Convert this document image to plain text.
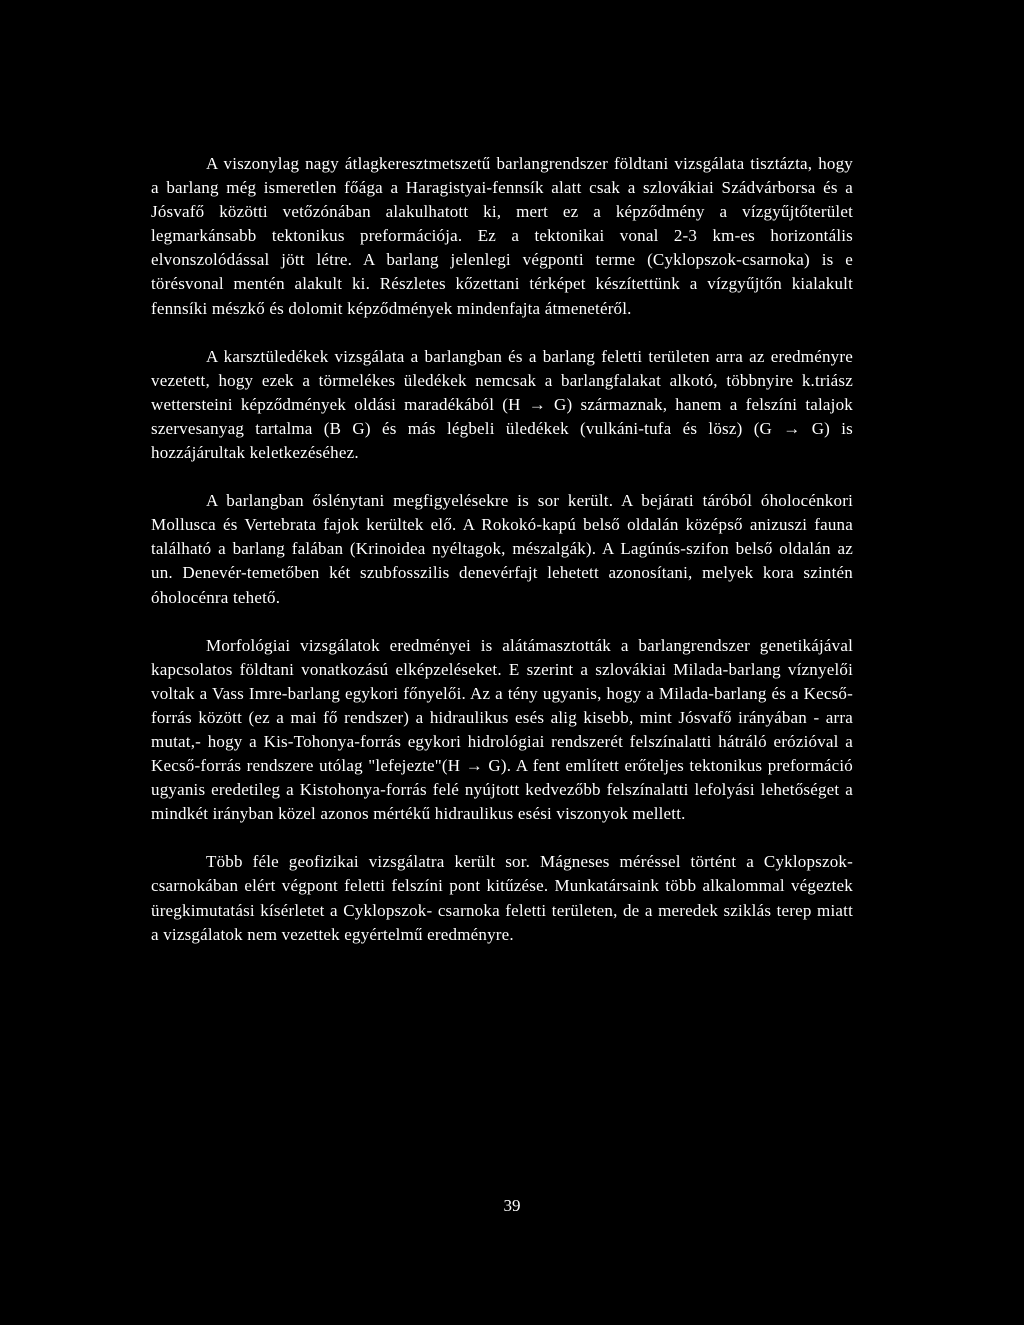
A viszonylag nagy átlagkeresztmetszetű barlangrendszer földtani vizsgálata tisztázta, hogy a barlang még ismeretlen főága a Haragistyai-fennsík alatt csak a szlovákiai Szádvárborsa és a Jósvafő közötti vetőzónában alakulhatott ki, mert ez a képződmény a vízgyűjtőterület legmarkánsabb tektonikus preformációja. Ez a tektonikai vonal 2-3 km-es horizontális elvonszolódással jött létre. A barlang jelenlegi végponti terme (Cyklopszok-csarnoka) is e törésvonal mentén alakult ki. Részletes kőzettani térképet készítettünk a vízgyűjtőn kialakult fennsíki mészkő és dolomit képződmények mindenfajta átmenetéről.

A karsztüledékek vizsgálata a barlangban és a barlang feletti területen arra az eredményre vezetett, hogy ezek a törmelékes üledékek nemcsak a barlangfalakat alkotó, többnyire k.triász wettersteini képződmények oldási maradékából (H → G) származnak, hanem a felszíni talajok szervesanyag tartalma (B G) és más légbeli üledékek (vulkáni-tufa és lösz) (G → G) is hozzájárultak keletkezéséhez.

A barlangban őslénytani megfigyelésekre is sor került. A bejárati táróból óholocénkori Mollusca és Vertebrata fajok kerültek elő. A Rokokó-kapú belső oldalán középső anizuszi fauna található a barlang falában (Krinoidea nyéltagok, mészalgák). A Lagúnús-szifon belső oldalán az un. Denevér-temetőben két szubfosszilis denevérfajt lehetett azonosítani, melyek kora szintén óholocénra tehető.

Morfológiai vizsgálatok eredményei is alátámasztották a barlangrendszer genetikájával kapcsolatos földtani vonatkozású elképzeléseket. E szerint a szlovákiai Milada-barlang víznyelői voltak a Vass Imre-barlang egykori főnyelői. Az a tény ugyanis, hogy a Milada-barlang és a Kecső-forrás között (ez a mai fő rendszer) a hidraulikus esés alig kisebb, mint Jósvafő irányában - arra mutat,- hogy a Kis-Tohonya-forrás egykori hidrológiai rendszerét felszínalatti hátráló erózióval a Kecső-forrás rendszere utólag "lefejezte"(H → G). A fent említett erőteljes tektonikus preformáció ugyanis eredetileg a Kistohonya-forrás felé nyújtott kedvezőbb felszínalatti lefolyási lehetőséget a mindkét irányban közel azonos mértékű hidraulikus esési viszonyok mellett.

Több féle geofizikai vizsgálatra került sor. Mágneses méréssel történt a Cyklopszok-csarnokában elért végpont feletti felszíni pont kitűzése. Munkatársaink több alkalommal végeztek üregkimutatási kísérletet a Cyklopszok- csarnoka feletti területen, de a meredek sziklás terep miatt a vizsgálatok nem vezettek egyértelmű eredményre.

39
